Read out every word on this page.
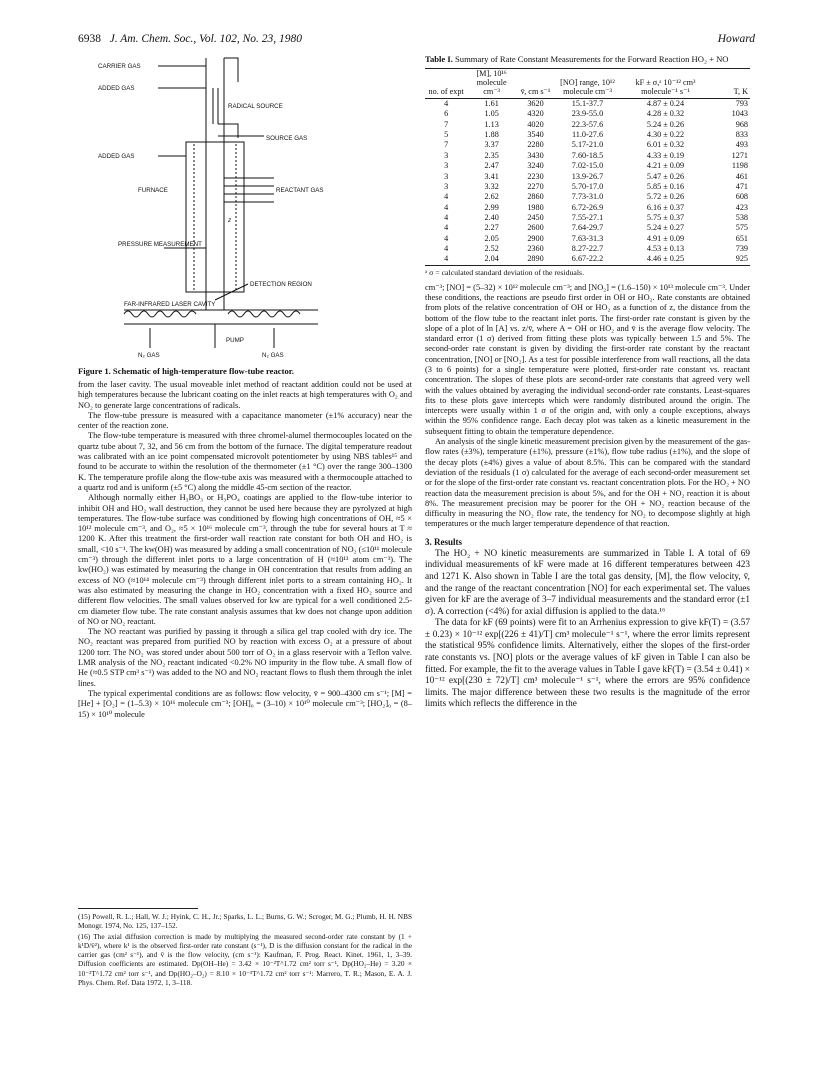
6938 J. Am. Chem. Soc., Vol. 102, No. 23, 1980	Howard
CARRIER GAS
ADDED GAS
ADDED GAS
RADICAL SOURCE
SOURCE GAS
FURNACE	REACTANT GAS
PRESSURE MEASUREMENT
DETECTION REGION
FAR-INFRARED LASER CAVITY
PUMP
N₂ GAS	N₂ GAS
z
Figure 1. Schematic of high-temperature flow-tube reactor.

from the laser cavity. The usual moveable inlet method of reactant addition could not be used at high temperatures because the lubricant coating on the inlet reacts at high temperatures with O₂ and NO₂ to generate large concentrations of radicals.

The flow-tube pressure is measured with a capacitance manometer (±1% accuracy) near the center of the reaction zone.

The flow-tube temperature is measured with three chromel-alumel thermocouples located on the quartz tube about 7, 32, and 56 cm from the bottom of the furnace. The digital temperature readout was calibrated with an ice point compensated microvolt potentiometer by using NBS tables¹⁵ and found to be accurate to within the resolution of the thermometer (±1 °C) over the range 300–1300 K. The temperature profile along the flow-tube axis was measured with a thermocouple attached to a quartz rod and is uniform (±5 °C) along the middle 45-cm section of the reactor.

Although normally either H₃BO₃ or H₃PO₄ coatings are applied to the flow-tube interior to inhibit OH and HO₂ wall destruction, they cannot be used here because they are pyrolyzed at high temperatures. The flow-tube surface was conditioned by flowing high concentrations of OH, ≈5 × 10¹² molecule cm⁻³, and O₂, ≈5 × 10¹⁶ molecule cm⁻³, through the tube for several hours at T ≈ 1200 K. After this treatment the first-order wall reaction rate constant for both OH and HO₂ is small, <10 s⁻¹. The kw(OH) was measured by adding a small concentration of NO₂ (≤10¹¹ molecule cm⁻³) through the different inlet ports to a large concentration of H (≈10¹³ atom cm⁻³). The kw(HO₂) was estimated by measuring the change in OH concentration that results from adding an excess of NO (≈10¹⁴ molecule cm⁻³) through different inlet ports to a stream containing HO₂. It was also estimated by measuring the change in HO₂ concentration with a fixed HO₂ source and different flow velocities. The small values observed for kw are typical for a well conditioned 2.5-cm diameter flow tube. The rate constant analysis assumes that kw does not change upon addition of NO or NO₂ reactant.

The NO reactant was purified by passing it through a silica gel trap cooled with dry ice. The NO₂ reactant was prepared from purified NO by reaction with excess O₂ at a pressure of about 1200 torr. The NO₂ was stored under about 500 torr of O₂ in a glass reservoir with a Teflon valve. LMR analysis of the NO₂ reactant indicated <0.2% NO impurity in the flow tube. A small flow of He (≈0.5 STP cm³ s⁻¹) was added to the NO and NO₂ reactant flows to flush them through the inlet lines.

The typical experimental conditions are as follows: flow velocity, v̄ = 900–4300 cm s⁻¹; [M] = [He] + [O₂] = (1–5.3) × 10¹⁶ molecule cm⁻³; [OH]₀ = (3–10) × 10¹⁰ molecule cm⁻³; [HO₂]₀ = (8–15) × 10¹⁰ molecule

(15) Powell, R. L.; Hall, W. J.; Hyink, C. H., Jr.; Sparks, L. L.; Burns, G. W.; Scroger, M. G.; Plumb, H. H. NBS Monogr. 1974, No. 125, 137–152.

(16) The axial diffusion correction is made by multiplying the measured second-order rate constant by (1 + k¹D/v̄²), where k¹ is the observed first-order rate constant (s⁻¹), D is the diffusion constant for the radical in the carrier gas (cm² s⁻¹), and v̄ is the flow velocity, (cm s⁻¹): Kaufman, F. Prog. React. Kinet. 1961, 1, 3–39. Diffusion coefficients are estimated. Dp(OH–He) = 3.42 × 10⁻²T^1.72 cm² torr s⁻¹, Dp(HO₂–He) = 3.20 × 10⁻²T^1.72 cm² torr s⁻¹, and Dp(HO₂–O₂) = 8.10 × 10⁻³T^1.72 cm² torr s⁻¹: Marrero, T. R.; Mason, E. A. J. Phys. Chem. Ref. Data 1972, 1, 3–118.

Table I. Summary of Rate Constant Measurements for the Forward Reaction HO₂ + NO
no. of expt	[M], 10¹⁶ molecule cm⁻³	v̄, cm s⁻¹	[NO] range, 10¹² molecule cm⁻³	kF ± σ,ᵃ 10⁻¹² cm³ molecule⁻¹ s⁻¹	T, K
4	1.61	3620	15.1-37.7	4.87 ± 0.24	793
6	1.05	4320	23.9-55.0	4.28 ± 0.32	1043
7	1.13	4020	22.3-57.6	5.24 ± 0.26	968
5	1.88	3540	11.0-27.6	4.30 ± 0.22	833
7	3.37	2280	5.17-21.0	6.01 ± 0.32	493
3	2.35	3430	7.60-18.5	4.33 ± 0.19	1271
3	2.47	3240	7.02-15.0	4.21 ± 0.09	1198
3	3.41	2230	13.9-26.7	5.47 ± 0.26	461
3	3.32	2270	5.70-17.0	5.85 ± 0.16	471
4	2.62	2860	7.73-31.0	5.72 ± 0.26	608
4	2.99	1980	6.72-26.9	6.16 ± 0.37	423
4	2.40	2450	7.55-27.1	5.75 ± 0.37	538
4	2.27	2600	7.64-29.7	5.24 ± 0.27	575
4	2.05	2900	7.63-31.3	4.91 ± 0.09	651
4	2.52	2360	8.27-22.7	4.53 ± 0.13	739
4	2.04	2890	6.67-22.2	4.46 ± 0.25	925
ᵃ σ = calculated standard deviation of the residuals.

cm⁻³; [NO] = (5–32) × 10¹² molecule cm⁻³; and [NO₂] = (1.6–150) × 10¹³ molecule cm⁻³. Under these conditions, the reactions are pseudo first order in OH or HO₂. Rate constants are obtained from plots of the relative concentration of OH or HO₂ as a function of z, the distance from the bottom of the flow tube to the reactant inlet ports. The first-order rate constant is given by the slope of a plot of ln [A] vs. z/v̄, where A = OH or HO₂ and v̄ is the average flow velocity. The standard error (1 σ) derived from fitting these plots was typically between 1.5 and 5%. The second-order rate constant is given by dividing the first-order rate constant by the reactant concentration, [NO] or [NO₂]. As a test for possible interference from wall reactions, all the data (3 to 6 points) for a single temperature were plotted, first-order rate constant vs. reactant concentration. The slopes of these plots are second-order rate constants that agreed very well with the values obtained by averaging the individual second-order rate constants. Least-squares fits to these plots gave intercepts which were randomly distributed around the origin. The intercepts were usually within 1 σ of the origin and, with only a couple exceptions, always within the 95% confidence range. Each decay plot was taken as a kinetic measurement in the subsequent fitting to obtain the temperature dependence.

An analysis of the single kinetic measurement precision given by the measurement of the gas-flow rates (±3%), temperature (±1%), pressure (±1%), flow tube radius (±1%), and the slope of the decay plots (±4%) gives a value of about 8.5%. This can be compared with the standard deviation of the residuals (1 σ) calculated for the average of each second-order measurement set or for the slope of the first-order rate constant vs. reactant concentration plots. For the HO₂ + NO reaction data the measurement precision is about 5%, and for the OH + NO₂ reaction it is about 8%. The measurement precision may be poorer for the OH + NO₂ reaction because of the difficulty in measuring the NO₂ flow rate, the tendency for NO₂ to decompose slightly at high temperatures or the much larger temperature dependence of that reaction.

3. Results

The HO₂ + NO kinetic measurements are summarized in Table I. A total of 69 individual measurements of kF were made at 16 different temperatures between 423 and 1271 K. Also shown in Table I are the total gas density, [M], the flow velocity, v̄, and the range of the reactant concentration [NO] for each experimental set. The values given for kF are the average of 3–7 individual measurements and the standard error (±1 σ). A correction (<4%) for axial diffusion is applied to the data.¹⁶

The data for kF (69 points) were fit to an Arrhenius expression to give kF(T) = (3.57 ± 0.23) × 10⁻¹² exp[(226 ± 41)/T] cm³ molecule⁻¹ s⁻¹, where the error limits represent the statistical 95% confidence limits. Alternatively, either the slopes of the first-order rate constants vs. [NO] plots or the average values of kF given in Table I can also be fitted. For example, the fit to the average values in Table I gave kF(T) = (3.54 ± 0.41) × 10⁻¹² exp[(230 ± 72)/T] cm³ molecule⁻¹ s⁻¹, where the errors are 95% confidence limits. The major difference between these two results is the magnitude of the error limits which reflects the difference in the
